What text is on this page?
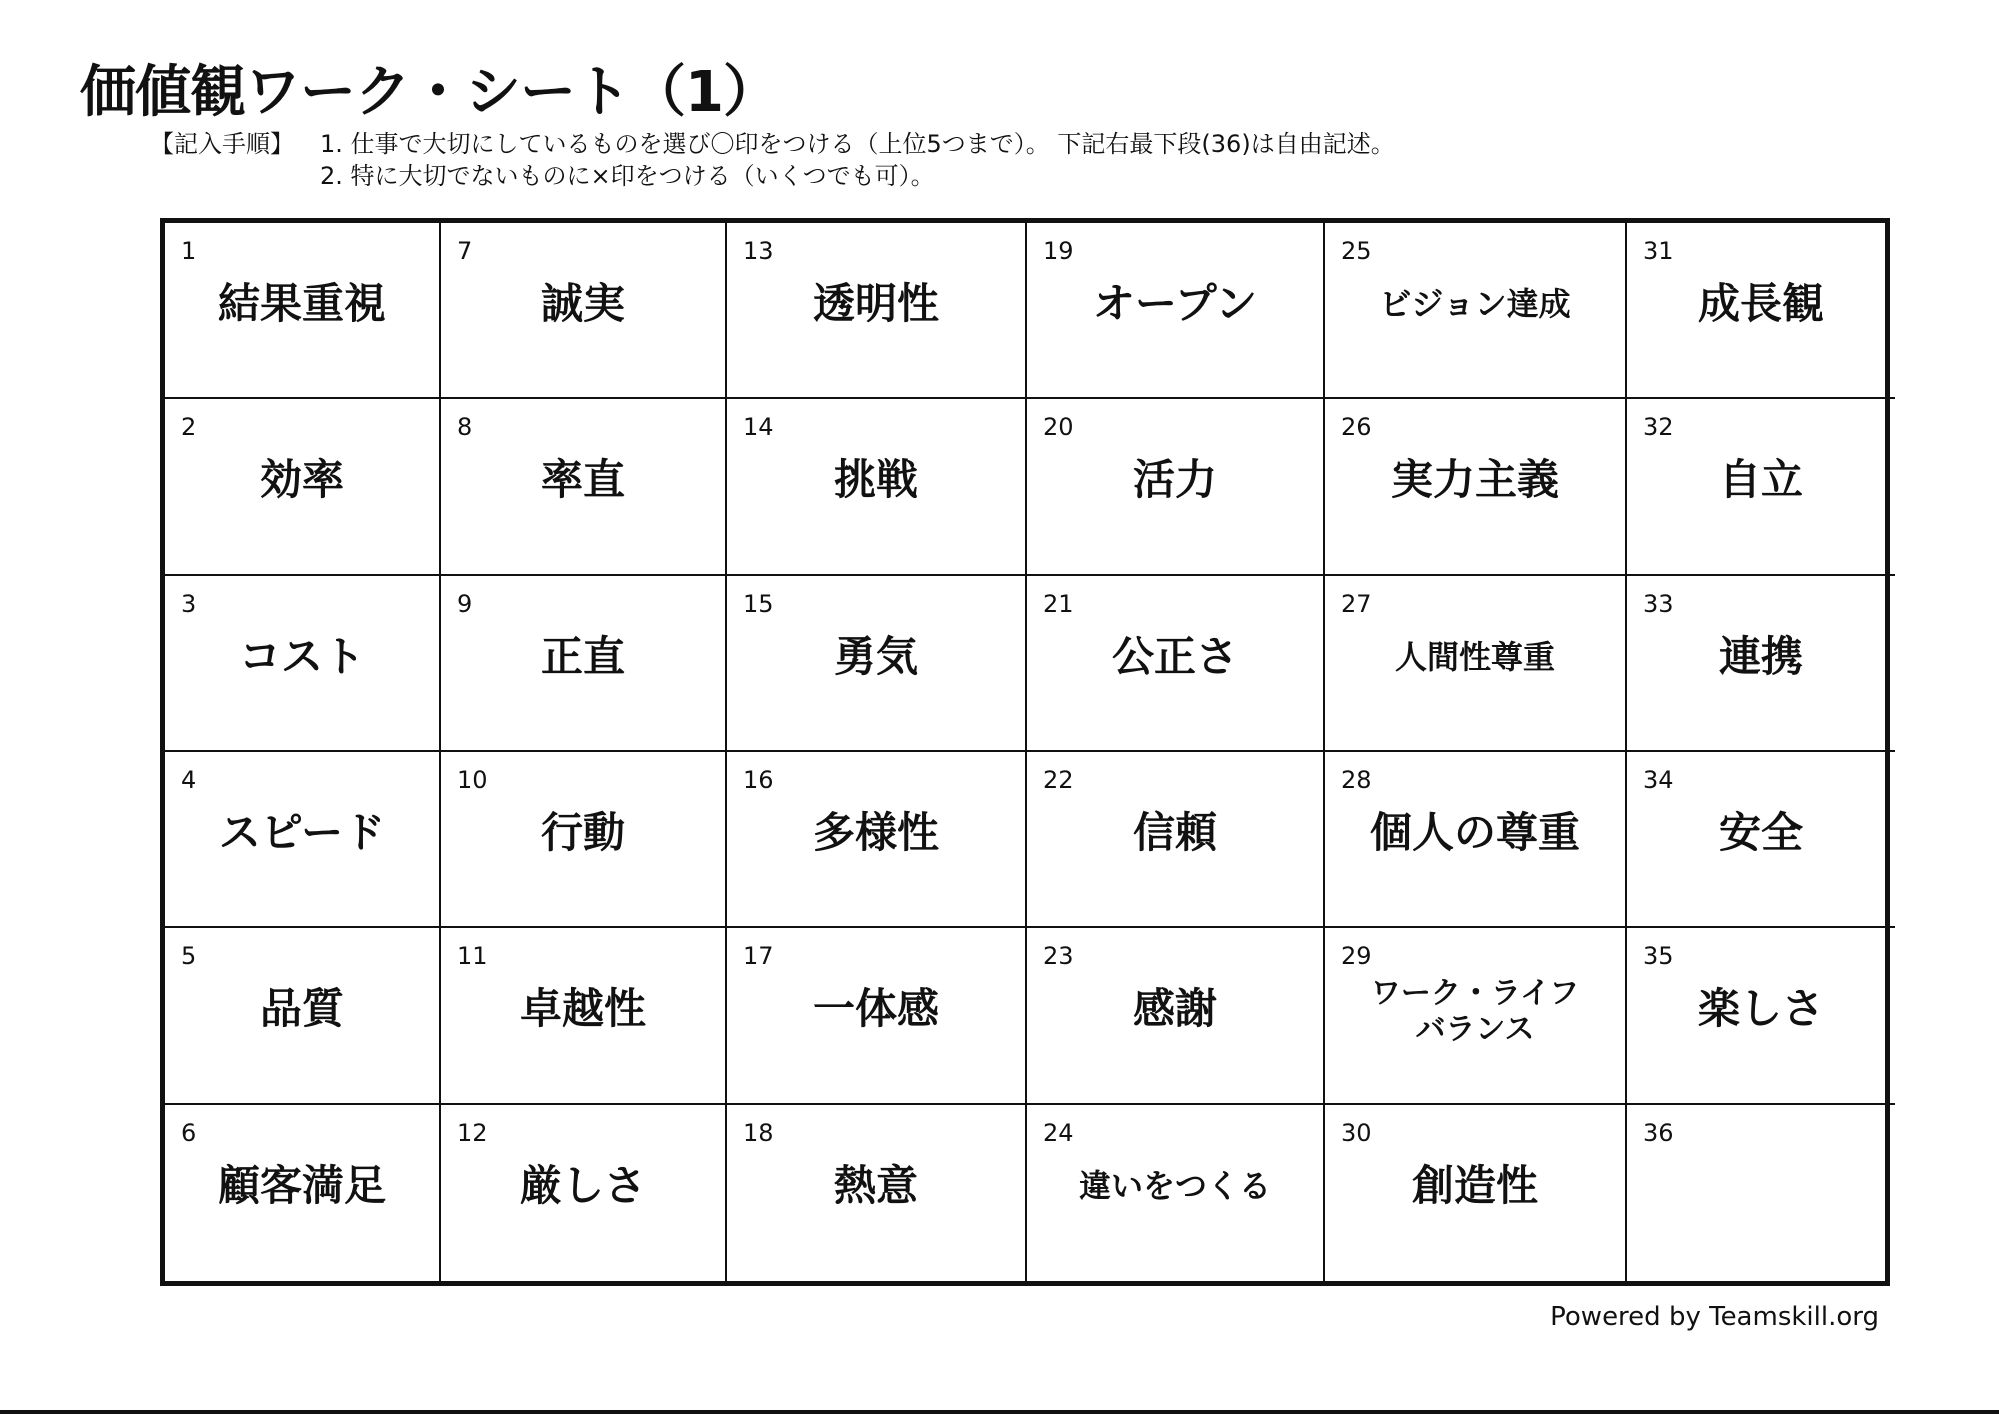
価値観ワーク・シート（1）
【記入手順】 1. 仕事で大切にしているものを選び〇印をつける（上位5つまで）。 下記右最下段(36)は自由記述。
2. 特に大切でないものに×印をつける（いくつでも可）。
1
結果重視
2
効率
3
コスト
4
スピード
5
品質
6
顧客満足
7
誠実
8
率直
9
正直
10
行動
11
卓越性
12
厳しさ
13
透明性
14
挑戦
15
勇気
16
多様性
17
一体感
18
熱意
19
オープン
20
活力
21
公正さ
22
信頼
23
感謝
24
違いをつくる
25
ビジョン達成
26
実力主義
27
人間性尊重
28
個人の尊重
29
ワーク・ライフ
バランス
30
創造性
31
成長観
32
自立
33
連携
34
安全
35
楽しさ
36
Powered by Teamskill.org
